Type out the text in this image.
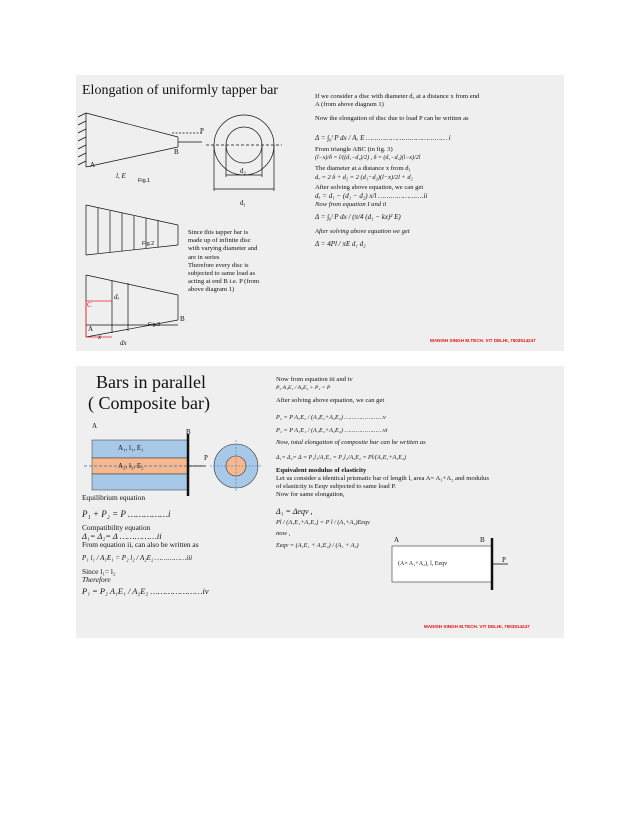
Elongation of uniformly tapper bar
A
B
P
l, E
Fig.1
d₂
d₁
Fig.2
C
dₓ
B
A
x
dx
Fig.3
Since this tapper bar is
made up of infinite disc
with varying diameter and
are in series
Therefore every disc is
subjected to same load as
acting at end B i.e. P (from
above diagram 1)
If we consider a disc with diameter dₓ at a distance x from end
A (from above diagram 1)
Now the elongation of disc due to load P can be written as
Δ = ∫₀ˡ P dx / Aₓ E ………………………………… i
From triangle ABC (in fig. 3)
(l−x)/δ = l/((d₁−d₂)/2) , δ = (d₁−d₂)(l−x)/2l
The diameter at a distance x from d₁
dₓ = 2 δ + d₂ = 2 (d₁−d₂)(l−x)/2l + d₂
After solving above equation, we can get
dₓ = d₁ − (d₁ − d₂) x/l ………………….ii
Now from equation I and ii
Δ = ∫₀ˡ P dx / (π/4 (d₁ − kx)² E)
After solving above equation we get
Δ = 4Pl / πE d₁ d₂
MANISH SINGH M.TECH. VIT DELHI, 7503514247
Bars in parallel
( Composite bar)
A
B
P
A₁, l₁, E₁
A₂, l₂, E₂
Equilibrium equation
P₁ + P₂ = P ……………i
Compatibility equation
Δ₁= Δ₂= Δ ……………ii
From equation ii, can also be written as
P₁ l₁ / A₁E₁ = P₂ l₂ / A₂E₂ ……………iii
Since l₁= l₂
Therefore
P₁ = P₂ A₁E₁ / A₂E₂ …………………iv
Now from equation iii and iv
P₂ A₁E₁ / A₂E₂ + P₂ = P
After solving above equation, we can get
P₂ = P A₂E₂ / (A₁E₁+A₂E₂) …………………v
P₁ = P A₁E₁ / (A₁E₁+A₂E₂) …………………vi
Now, total elongation of composite bar can be written as
Δ₁= Δ₂= Δ = P₁l₁/A₁E₁ = P₂l₂/A₂E₂ = Pl/(A₁E₁+A₂E₂)
Equivalent modulus of elasticity
Let us consider a identical prismatic bar of length l, area A= A₁+A₂ and modulus
of elasticity is Eeqv subjected to same load P.
Now for same elongation,
Δ₁ = Δeqv ,
Pl / (A₁E₁+A₂E₂) = P l / (A₁+A₂)Eeqv
now ,
Eeqv = (A₁E₁ + A₂E₂) / (A₁ + A₂)
A	B
P
(A= A₁+A₂), l, Eeqv
MANISH SINGH M.TECH. VIT DELHI, 7503514247
